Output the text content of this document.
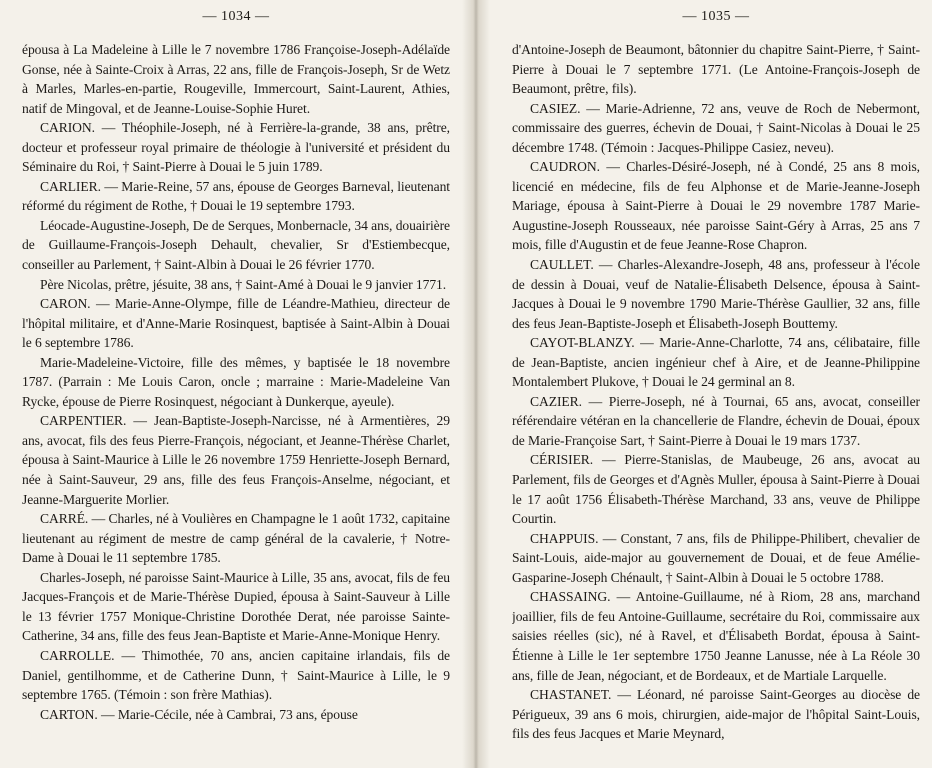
— 1034 —

épousa à La Madeleine à Lille le 7 novembre 1786 Françoise-Joseph-Adélaïde Gonse, née à Sainte-Croix à Arras, 22 ans, fille de François-Joseph, Sr de Wetz à Marles, Marles-en-partie, Rougeville, Immercourt, Saint-Laurent, Athies, natif de Mingoval, et de Jeanne-Louise-Sophie Huret.

CARION. — Théophile-Joseph, né à Ferrière-la-grande, 38 ans, prêtre, docteur et professeur royal primaire de théologie à l'université et président du Séminaire du Roi, † Saint-Pierre à Douai le 5 juin 1789.

CARLIER. — Marie-Reine, 57 ans, épouse de Georges Barneval, lieutenant réformé du régiment de Rothe, † Douai le 19 septembre 1793.

Léocade-Augustine-Joseph, De de Serques, Monbernacle, 34 ans, douairière de Guillaume-François-Joseph Dehault, chevalier, Sr d'Estiembecque, conseiller au Parlement, † Saint-Albin à Douai le 26 février 1770.

Père Nicolas, prêtre, jésuite, 38 ans, † Saint-Amé à Douai le 9 janvier 1771.

CARON. — Marie-Anne-Olympe, fille de Léandre-Mathieu, directeur de l'hôpital militaire, et d'Anne-Marie Rosinquest, baptisée à Saint-Albin à Douai le 6 septembre 1786.

Marie-Madeleine-Victoire, fille des mêmes, y baptisée le 18 novembre 1787. (Parrain : Me Louis Caron, oncle ; marraine : Marie-Madeleine Van Rycke, épouse de Pierre Rosinquest, négociant à Dunkerque, ayeule).

CARPENTIER. — Jean-Baptiste-Joseph-Narcisse, né à Armentières, 29 ans, avocat, fils des feus Pierre-François, négociant, et Jeanne-Thérèse Charlet, épousa à Saint-Maurice à Lille le 26 novembre 1759 Henriette-Joseph Bernard, née à Saint-Sauveur, 29 ans, fille des feus François-Anselme, négociant, et Jeanne-Marguerite Morlier.

CARRÉ. — Charles, né à Voulières en Champagne le 1 août 1732, capitaine lieutenant au régiment de mestre de camp général de la cavalerie, † Notre-Dame à Douai le 11 septembre 1785.

Charles-Joseph, né paroisse Saint-Maurice à Lille, 35 ans, avocat, fils de feu Jacques-François et de Marie-Thérèse Dupied, épousa à Saint-Sauveur à Lille le 13 février 1757 Monique-Christine Dorothée Derat, née paroisse Sainte-Catherine, 34 ans, fille des feus Jean-Baptiste et Marie-Anne-Monique Henry.

CARROLLE. — Thimothée, 70 ans, ancien capitaine irlandais, fils de Daniel, gentilhomme, et de Catherine Dunn, † Saint-Maurice à Lille, le 9 septembre 1765. (Témoin : son frère Mathias).

CARTON. — Marie-Cécile, née à Cambrai, 73 ans, épouse

— 1035 —

d'Antoine-Joseph de Beaumont, bâtonnier du chapitre Saint-Pierre, † Saint-Pierre à Douai le 7 septembre 1771. (Le Antoine-François-Joseph de Beaumont, prêtre, fils).

CASIEZ. — Marie-Adrienne, 72 ans, veuve de Roch de Nebermont, commissaire des guerres, échevin de Douai, † Saint-Nicolas à Douai le 25 décembre 1748. (Témoin : Jacques-Philippe Casiez, neveu).

CAUDRON. — Charles-Désiré-Joseph, né à Condé, 25 ans 8 mois, licencié en médecine, fils de feu Alphonse et de Marie-Jeanne-Joseph Mariage, épousa à Saint-Pierre à Douai le 29 novembre 1787 Marie-Augustine-Joseph Rousseaux, née paroisse Saint-Géry à Arras, 25 ans 7 mois, fille d'Augustin et de feue Jeanne-Rose Chapron.

CAULLET. — Charles-Alexandre-Joseph, 48 ans, professeur à l'école de dessin à Douai, veuf de Natalie-Élisabeth Delsence, épousa à Saint-Jacques à Douai le 9 novembre 1790 Marie-Thérèse Gaullier, 32 ans, fille des feus Jean-Baptiste-Joseph et Élisabeth-Joseph Bouttemy.

CAYOT-BLANZY. — Marie-Anne-Charlotte, 74 ans, célibataire, fille de Jean-Baptiste, ancien ingénieur chef à Aire, et de Jeanne-Philippine Montalembert Plukove, † Douai le 24 germinal an 8.

CAZIER. — Pierre-Joseph, né à Tournai, 65 ans, avocat, conseiller référendaire vétéran en la chancellerie de Flandre, échevin de Douai, époux de Marie-Françoise Sart, † Saint-Pierre à Douai le 19 mars 1737.

CÉRISIER. — Pierre-Stanislas, de Maubeuge, 26 ans, avocat au Parlement, fils de Georges et d'Agnès Muller, épousa à Saint-Pierre à Douai le 17 août 1756 Élisabeth-Thérèse Marchand, 33 ans, veuve de Philippe Courtin.

CHAPPUIS. — Constant, 7 ans, fils de Philippe-Philibert, chevalier de Saint-Louis, aide-major au gouvernement de Douai, et de feue Amélie-Gasparine-Joseph Chénault, † Saint-Albin à Douai le 5 octobre 1788.

CHASSAING. — Antoine-Guillaume, né à Riom, 28 ans, marchand joaillier, fils de feu Antoine-Guillaume, secrétaire du Roi, commissaire aux saisies réelles (sic), né à Ravel, et d'Élisabeth Bordat, épousa à Saint-Étienne à Lille le 1er septembre 1750 Jeanne Lanusse, née à La Réole 30 ans, fille de Jean, négociant, et de Bordeaux, et de Martiale Larquelle.

CHASTANET. — Léonard, né paroisse Saint-Georges au diocèse de Périgueux, 39 ans 6 mois, chirurgien, aide-major de l'hôpital Saint-Louis, fils des feus Jacques et Marie Meynard,
